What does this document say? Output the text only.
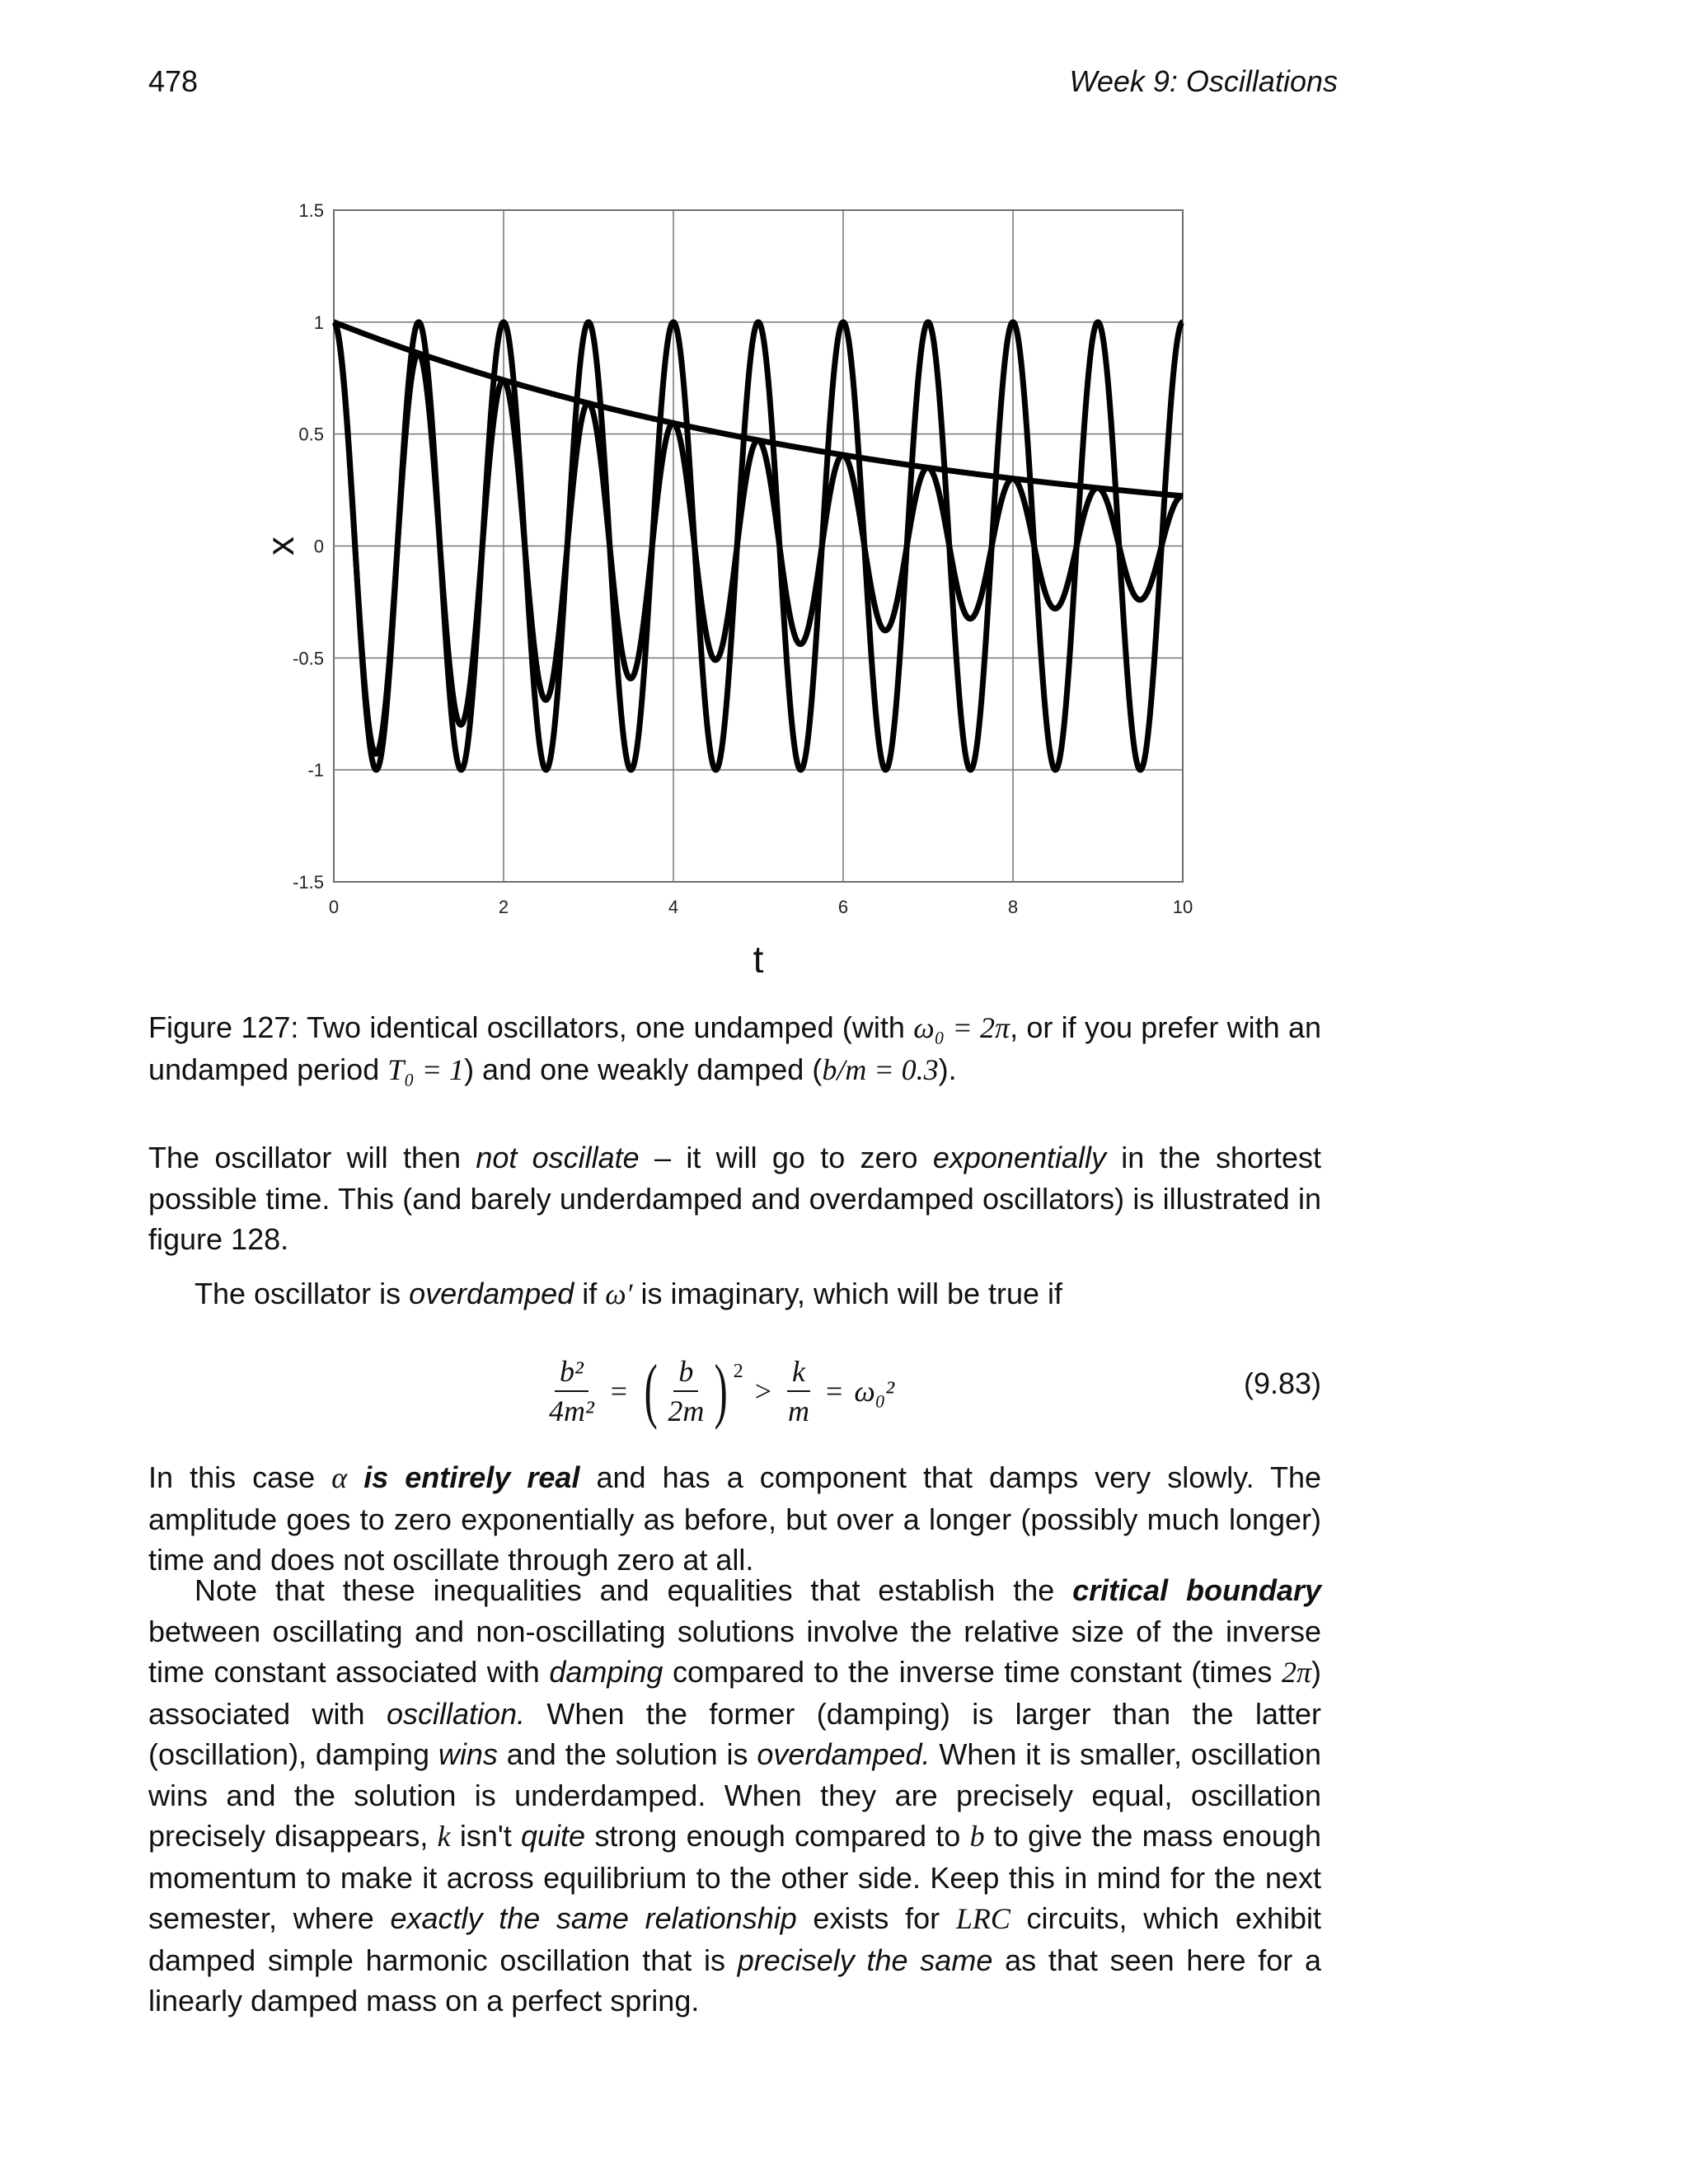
478	Week 9: Oscillations
0	2	4	6	8	10
1.5
1
0.5
0
-0.5
-1
-1.5
t
x
Figure 127: Two identical oscillators, one undamped (with ω₀ = 2π, or if you prefer with an undamped period T₀ = 1) and one weakly damped (b/m = 0.3).
The oscillator will then not oscillate – it will go to zero exponentially in the shortest possible time. This (and barely underdamped and overdamped oscillators) is illustrated in figure 128.
The oscillator is overdamped if ω′ is imaginary, which will be true if
$\frac{\text{b²}}{\text{4m²}}$ = ( $\frac{b}{2m}$ ) $^2$
> $\frac{k}{m} = \omega_0^2$	(9.83)
In this case α is entirely real and has a component that damps very slowly. The amplitude goes to zero exponentially as before, but over a longer (possibly much longer) time and does not oscillate through zero at all.
Note that these inequalities and equalities that establish the critical boundary between oscillating and non-oscillating solutions involve the relative size of the inverse time constant associated with damping compared to the inverse time constant (times 2π) associated with oscillation. When the former (damping) is larger than the latter (oscillation), damping wins and the solution is overdamped. When it is smaller, oscillation wins and the solution is underdamped. When they are precisely equal, oscillation precisely disappears, k isn't quite strong enough compared to b to give the mass enough momentum to make it across equilibrium to the other side. Keep this in mind for the next semester, where exactly the same relationship exists for LRC circuits, which exhibit damped simple harmonic oscillation that is precisely the same as that seen here for a linearly damped mass on a perfect spring.
